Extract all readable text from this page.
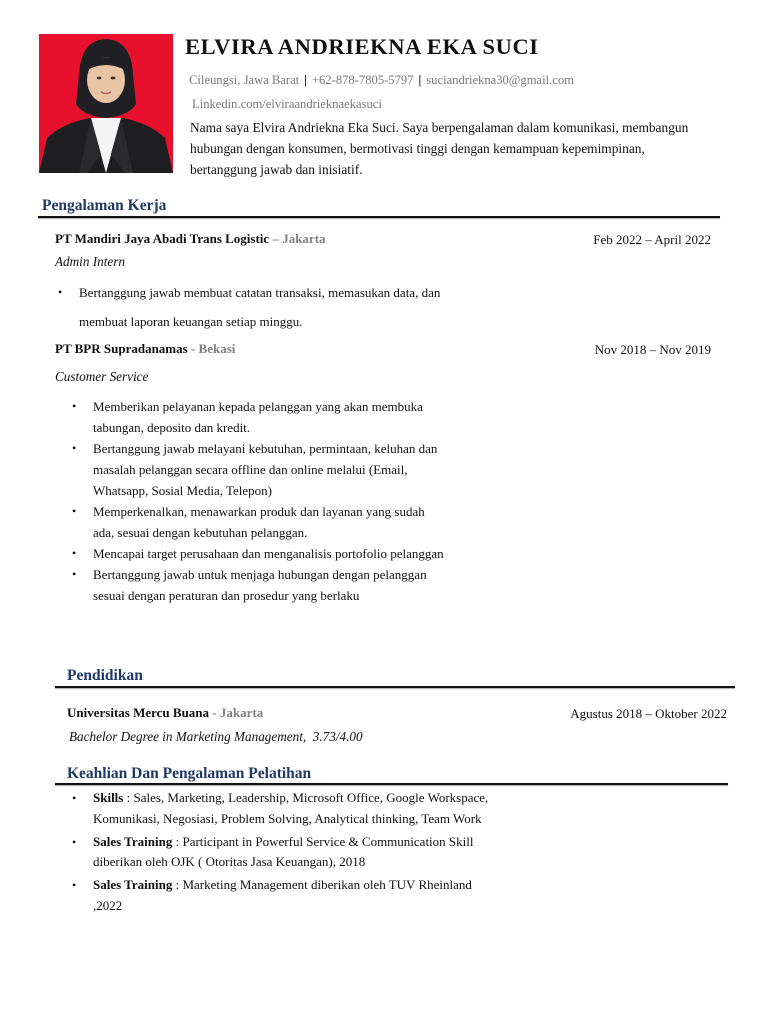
ELVIRA ANDRIEKNA EKA SUCI
Cileungsi, Jawa Barat | +62-878-7805-5797 | suciandriekna30@gmail.com
Linkedin.com/elviraandrieknaekasuci
Nama saya Elvira Andriekna Eka Suci. Saya berpengalaman dalam komunikasi, membangun hubungan dengan konsumen, bermotivasi tinggi dengan kemampuan kepemimpinan, bertanggung jawab dan inisiatif.
Pengalaman Kerja
PT Mandiri Jaya Abadi Trans Logistic – Jakarta	Feb 2022 – April 2022
Admin Intern
• Bertanggung jawab membuat catatan transaksi, memasukan data, dan membuat laporan keuangan setiap minggu.
PT BPR Supradanamas - Bekasi	Nov 2018 – Nov 2019
Customer Service
• Memberikan pelayanan kepada pelanggan yang akan membuka tabungan, deposito dan kredit.
• Bertanggung jawab melayani kebutuhan, permintaan, keluhan dan masalah pelanggan secara offline dan online melalui (Email, Whatsapp, Sosial Media, Telepon)
• Memperkenalkan, menawarkan produk dan layanan yang sudah ada, sesuai dengan kebutuhan pelanggan.
• Mencapai target perusahaan dan menganalisis portofolio pelanggan
• Bertanggung jawab untuk menjaga hubungan dengan pelanggan sesuai dengan peraturan dan prosedur yang berlaku
Pendidikan
Universitas Mercu Buana - Jakarta	Agustus 2018 – Oktober 2022
Bachelor Degree in Marketing Management,  3.73/4.00
Keahlian Dan Pengalaman Pelatihan
• Skills : Sales, Marketing, Leadership, Microsoft Office, Google Workspace, Komunikasi, Negosiasi, Problem Solving, Analytical thinking, Team Work
• Sales Training : Participant in Powerful Service & Communication Skill diberikan oleh OJK ( Otoritas Jasa Keuangan), 2018
• Sales Training : Marketing Management diberikan oleh TUV Rheinland ,2022
